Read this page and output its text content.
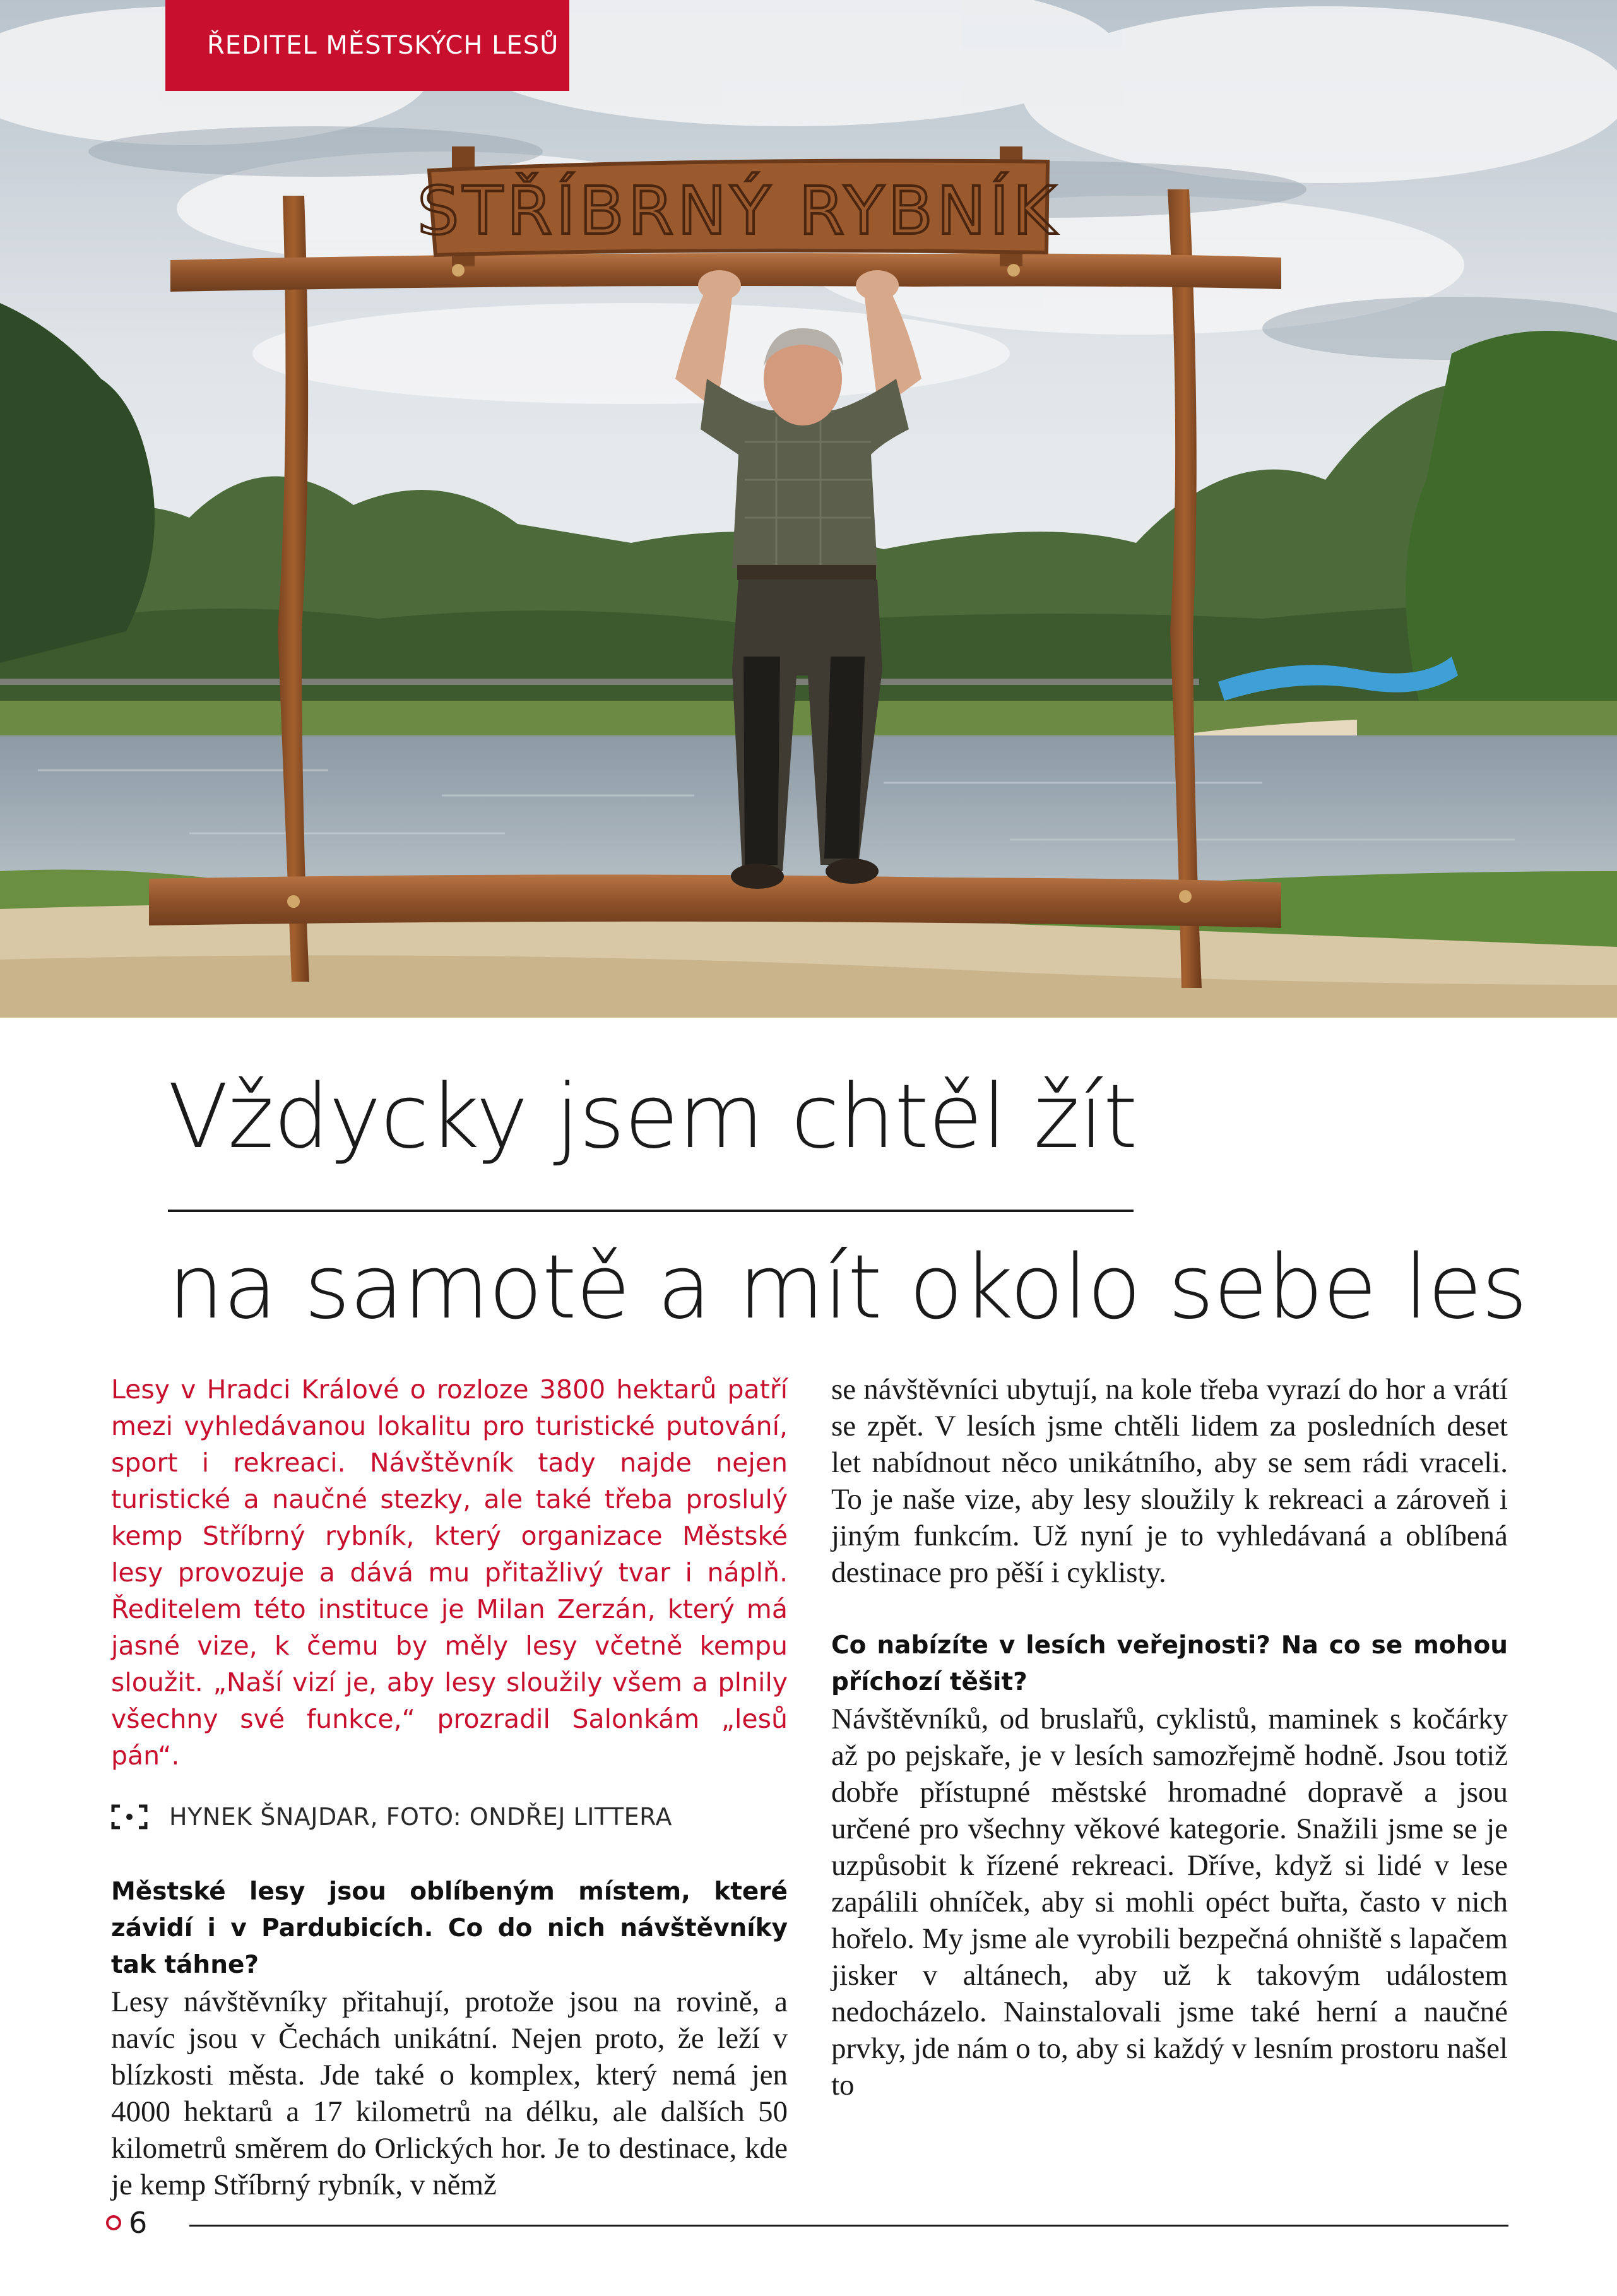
STŘÍBRNÝ RYBNÍK
ŘEDITEL MĚSTSKÝCH LESŮ
Vždycky jsem chtěl žít
na samotě a mít okolo sebe les

Lesy v Hradci Králové o rozloze 3800 hektarů patří mezi vyhledávanou lokalitu pro turistické putování, sport i rekreaci. Návštěvník tady najde nejen turistické a naučné stezky, ale také třeba proslulý kemp Stříbrný rybník, který organizace Městské lesy provozuje a dává mu přitažlivý tvar i náplň. Ředitelem této instituce je Milan Zerzán, který má jasné vize, k čemu by měly lesy včetně kempu sloužit. „Naší vizí je, aby lesy sloužily všem a plnily všechny své funkce,“ prozradil Salonkám „lesů pán“.

HYNEK ŠNAJDAR, FOTO: ONDŘEJ LITTERA

Městské lesy jsou oblíbeným místem, které závidí i v Pardubicích. Co do nich návštěvníky tak táhne?

Lesy návštěvníky přitahují, protože jsou na rovině, a navíc jsou v Čechách unikátní. Nejen proto, že leží v blízkosti města. Jde také o komplex, který nemá jen 4000 hektarů a 17 kilometrů na délku, ale dalších 50 kilometrů směrem do Orlických hor. Je to destinace, kde je kemp Stříbrný rybník, v němž

se návštěvníci ubytují, na kole třeba vyrazí do hor a vrátí se zpět. V lesích jsme chtěli lidem za posledních deset let nabídnout něco unikátního, aby se sem rádi vraceli. To je naše vize, aby lesy sloužily k rekreaci a zároveň i jiným funkcím. Už nyní je to vyhledávaná a oblíbená destinace pro pěší i cyklisty.

Co nabízíte v lesích veřejnosti? Na co se mohou příchozí těšit?

Návštěvníků, od bruslařů, cyklistů, maminek s kočárky až po pejskaře, je v lesích samozřejmě hodně. Jsou totiž dobře přístupné městské hromadné dopravě a jsou určené pro všechny věkové kategorie. Snažili jsme se je uzpůsobit k řízené rekreaci. Dříve, když si lidé v lese zapálili ohníček, aby si mohli opéct buřta, často v nich hořelo. My jsme ale vyrobili bezpečná ohniště s lapačem jisker v altánech, aby už k takovým událostem nedocházelo. Nainstalovali jsme také herní a naučné prvky, jde nám o to, aby si každý v lesním prostoru našel to

6
